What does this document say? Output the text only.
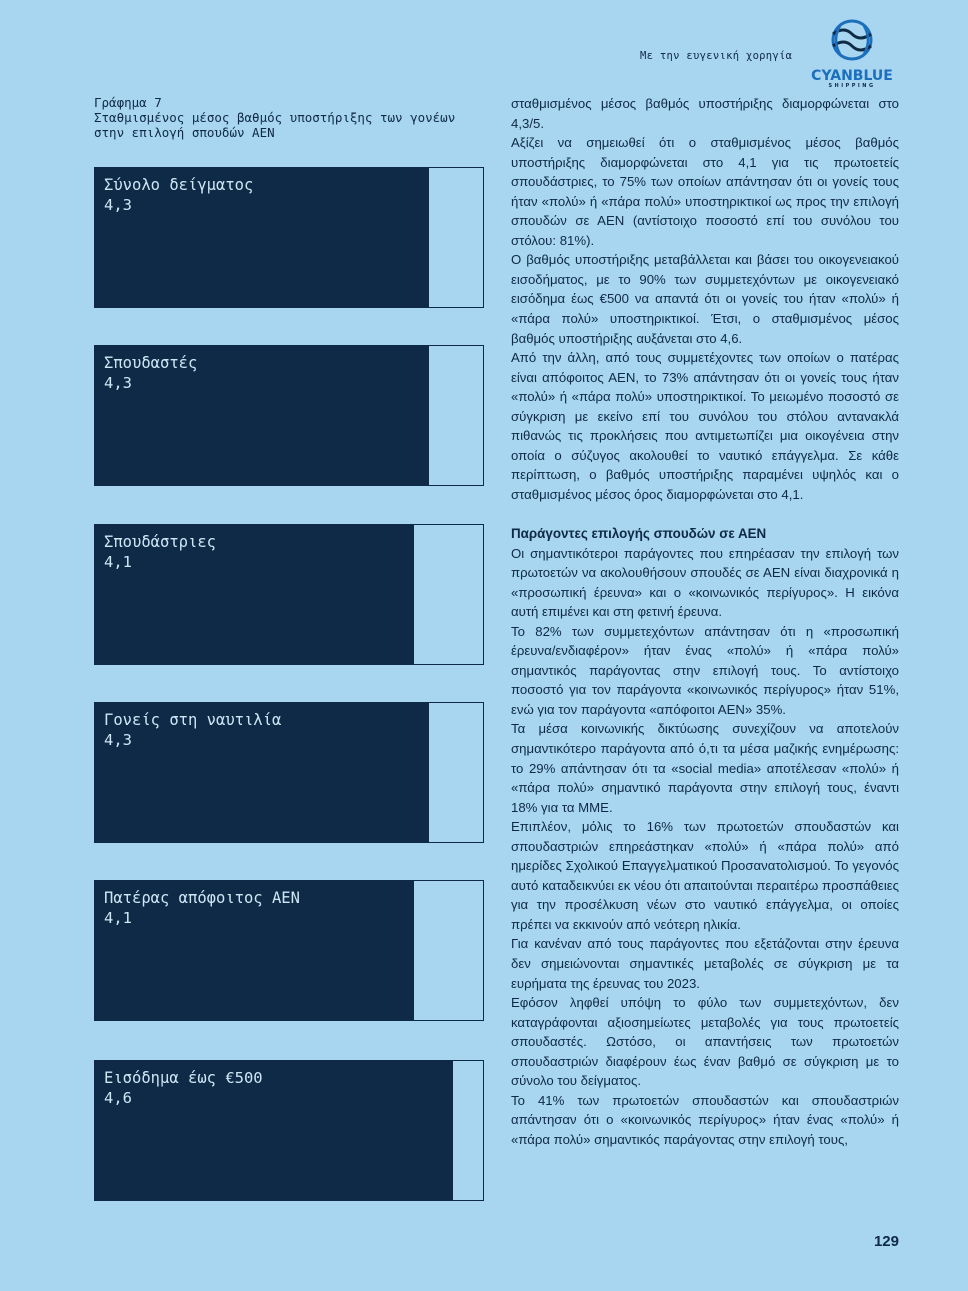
Με την ευγενική χορηγία
CYANBLUE
SHIPPING
Γράφημα 7
Σταθμισμένος μέσος βαθμός υποστήριξης των γονέων
στην επιλογή σπουδών ΑΕΝ
Σύνολο δείγματος
4,3
Σπουδαστές
4,3
Σπουδάστριες
4,1
Γονείς στη ναυτιλία
4,3
Πατέρας απόφοιτος ΑΕΝ
4,1
Εισόδημα έως €500
4,6

σταθμισμένος μέσος βαθμός υποστήριξης διαμορφώνεται στο 4,3/5.

Αξίζει να σημειωθεί ότι ο σταθμισμένος μέσος βαθμός υποστήριξης διαμορφώνεται στο 4,1 για τις πρωτοετείς σπουδάστριες, το 75% των οποίων απάντησαν ότι οι γονείς τους ήταν «πολύ» ή «πάρα πολύ» υποστηρικτικοί ως προς την επιλογή σπουδών σε ΑΕΝ (αντίστοιχο ποσοστό επί του συνόλου του στόλου: 81%).

Ο βαθμός υποστήριξης μεταβάλλεται και βάσει του οικογενειακού εισοδήματος, με το 90% των συμμετεχόντων με οικογενειακό εισόδημα έως €500 να απαντά ότι οι γονείς του ήταν «πολύ» ή «πάρα πολύ» υποστηρικτικοί. Έτσι, ο σταθμισμένος μέσος βαθμός υποστήριξης αυξάνεται στο 4,6.

Από την άλλη, από τους συμμετέχοντες των οποίων ο πατέρας είναι απόφοιτος ΑΕΝ, το 73% απάντησαν ότι οι γονείς τους ήταν «πολύ» ή «πάρα πολύ» υποστηρικτικοί. Το μειωμένο ποσοστό σε σύγκριση με εκείνο επί του συνόλου του στόλου αντανακλά πιθανώς τις προκλήσεις που αντιμετωπίζει μια οικογένεια στην οποία ο σύζυγος ακολουθεί το ναυτικό επάγγελμα. Σε κάθε περίπτωση, ο βαθμός υποστήριξης παραμένει υψηλός και ο σταθμισμένος μέσος όρος διαμορφώνεται στο 4,1.

Παράγοντες επιλογής σπουδών σε ΑΕΝ

Οι σημαντικότεροι παράγοντες που επηρέασαν την επιλογή των πρωτοετών να ακολουθήσουν σπουδές σε ΑΕΝ είναι διαχρονικά η «προσωπική έρευνα» και ο «κοινωνικός περίγυρος». Η εικόνα αυτή επιμένει και στη φετινή έρευνα.

Το 82% των συμμετεχόντων απάντησαν ότι η «προσωπική έρευνα/ενδιαφέρον» ήταν ένας «πολύ» ή «πάρα πολύ» σημαντικός παράγοντας στην επιλογή τους. Το αντίστοιχο ποσοστό για τον παράγοντα «κοινωνικός περίγυρος» ήταν 51%, ενώ για τον παράγοντα «απόφοιτοι ΑΕΝ» 35%.

Τα μέσα κοινωνικής δικτύωσης συνεχίζουν να αποτελούν σημαντικότερο παράγοντα από ό,τι τα μέσα μαζικής ενημέρωσης: το 29% απάντησαν ότι τα «social media» αποτέλεσαν «πολύ» ή «πάρα πολύ» σημαντικό παράγοντα στην επιλογή τους, έναντι 18% για τα ΜΜΕ.

Επιπλέον, μόλις το 16% των πρωτοετών σπουδαστών και σπουδαστριών επηρεάστηκαν «πολύ» ή «πάρα πολύ» από ημερίδες Σχολικού Επαγγελματικού Προσανατολισμού. Το γεγονός αυτό καταδεικνύει εκ νέου ότι απαιτούνται περαιτέρω προσπάθειες για την προσέλκυση νέων στο ναυτικό επάγγελμα, οι οποίες πρέπει να εκκινούν από νεότερη ηλικία.

Για κανέναν από τους παράγοντες που εξετάζονται στην έρευνα δεν σημειώνονται σημαντικές μεταβολές σε σύγκριση με τα ευρήματα της έρευνας του 2023.

Εφόσον ληφθεί υπόψη το φύλο των συμμετεχόντων, δεν καταγράφονται αξιοσημείωτες μεταβολές για τους πρωτοετείς σπουδαστές. Ωστόσο, οι απαντήσεις των πρωτοετών σπουδαστριών διαφέρουν έως έναν βαθμό σε σύγκριση με το σύνολο του δείγματος.

Το 41% των πρωτοετών σπουδαστών και σπουδαστριών απάντησαν ότι ο «κοινωνικός περίγυρος» ήταν ένας «πολύ» ή «πάρα πολύ» σημαντικός παράγοντας στην επιλογή τους,

129
